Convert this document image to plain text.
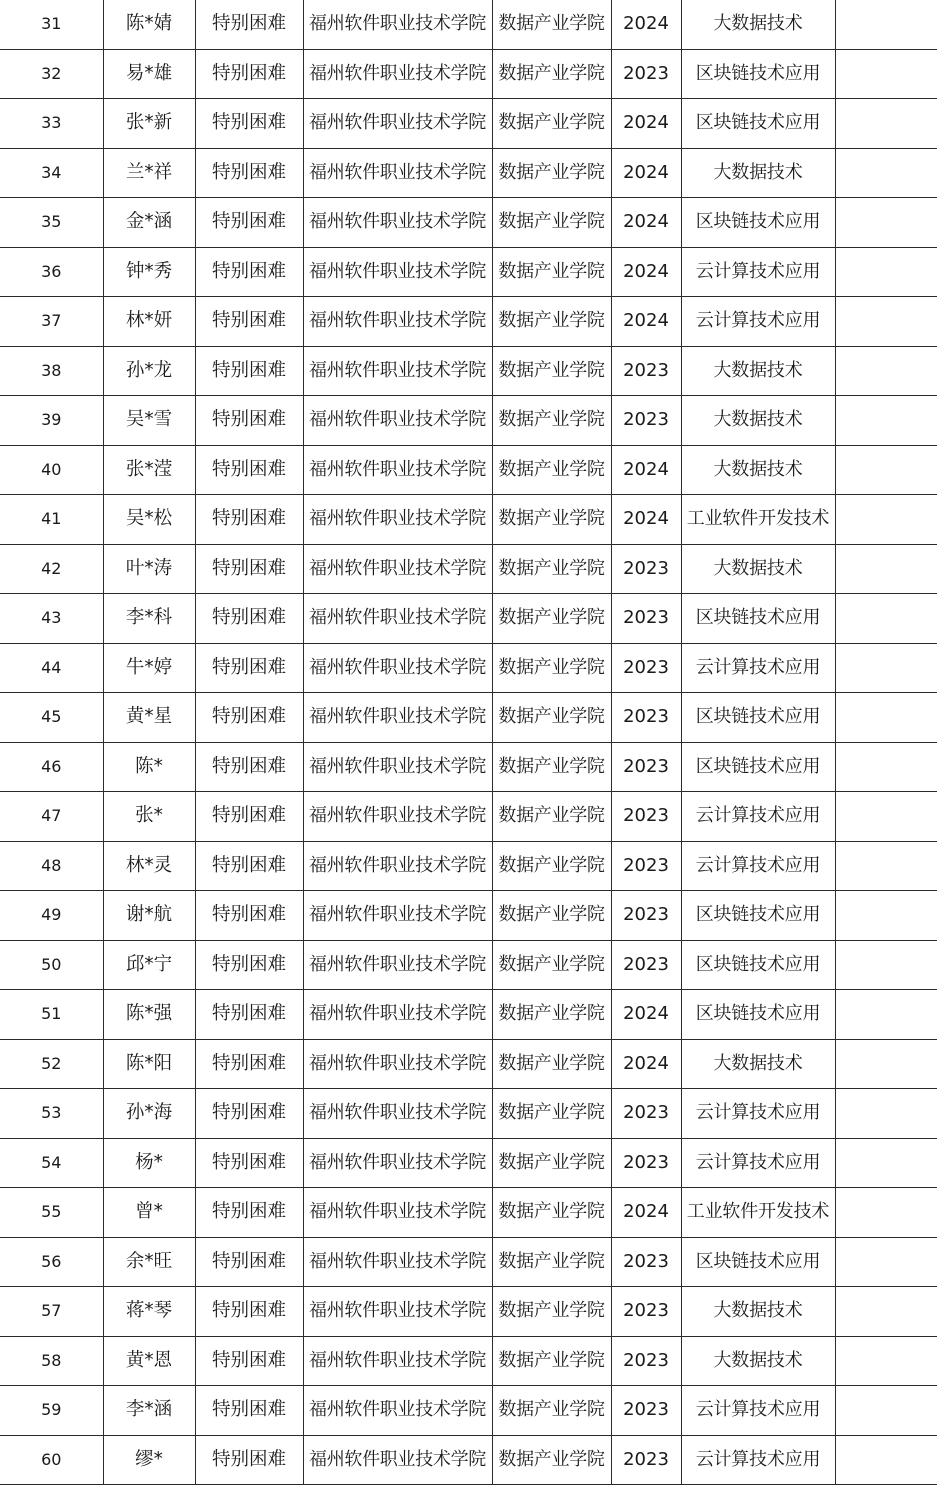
31	陈*婧	特别困难	福州软件职业技术学院	数据产业学院	2024	大数据技术	
32	易*雄	特别困难	福州软件职业技术学院	数据产业学院	2023	区块链技术应用	
33	张*新	特别困难	福州软件职业技术学院	数据产业学院	2024	区块链技术应用	
34	兰*祥	特别困难	福州软件职业技术学院	数据产业学院	2024	大数据技术	
35	金*涵	特别困难	福州软件职业技术学院	数据产业学院	2024	区块链技术应用	
36	钟*秀	特别困难	福州软件职业技术学院	数据产业学院	2024	云计算技术应用	
37	林*妍	特别困难	福州软件职业技术学院	数据产业学院	2024	云计算技术应用	
38	孙*龙	特别困难	福州软件职业技术学院	数据产业学院	2023	大数据技术	
39	吴*雪	特别困难	福州软件职业技术学院	数据产业学院	2023	大数据技术	
40	张*滢	特别困难	福州软件职业技术学院	数据产业学院	2024	大数据技术	
41	吴*松	特别困难	福州软件职业技术学院	数据产业学院	2024	工业软件开发技术	
42	叶*涛	特别困难	福州软件职业技术学院	数据产业学院	2023	大数据技术	
43	李*科	特别困难	福州软件职业技术学院	数据产业学院	2023	区块链技术应用	
44	牛*婷	特别困难	福州软件职业技术学院	数据产业学院	2023	云计算技术应用	
45	黄*星	特别困难	福州软件职业技术学院	数据产业学院	2023	区块链技术应用	
46	陈*	特别困难	福州软件职业技术学院	数据产业学院	2023	区块链技术应用	
47	张*	特别困难	福州软件职业技术学院	数据产业学院	2023	云计算技术应用	
48	林*灵	特别困难	福州软件职业技术学院	数据产业学院	2023	云计算技术应用	
49	谢*航	特别困难	福州软件职业技术学院	数据产业学院	2023	区块链技术应用	
50	邱*宁	特别困难	福州软件职业技术学院	数据产业学院	2023	区块链技术应用	
51	陈*强	特别困难	福州软件职业技术学院	数据产业学院	2024	区块链技术应用	
52	陈*阳	特别困难	福州软件职业技术学院	数据产业学院	2024	大数据技术	
53	孙*海	特别困难	福州软件职业技术学院	数据产业学院	2023	云计算技术应用	
54	杨*	特别困难	福州软件职业技术学院	数据产业学院	2023	云计算技术应用	
55	曾*	特别困难	福州软件职业技术学院	数据产业学院	2024	工业软件开发技术	
56	余*旺	特别困难	福州软件职业技术学院	数据产业学院	2023	区块链技术应用	
57	蒋*琴	特别困难	福州软件职业技术学院	数据产业学院	2023	大数据技术	
58	黄*恩	特别困难	福州软件职业技术学院	数据产业学院	2023	大数据技术	
59	李*涵	特别困难	福州软件职业技术学院	数据产业学院	2023	云计算技术应用	
60	缪*	特别困难	福州软件职业技术学院	数据产业学院	2023	云计算技术应用	
